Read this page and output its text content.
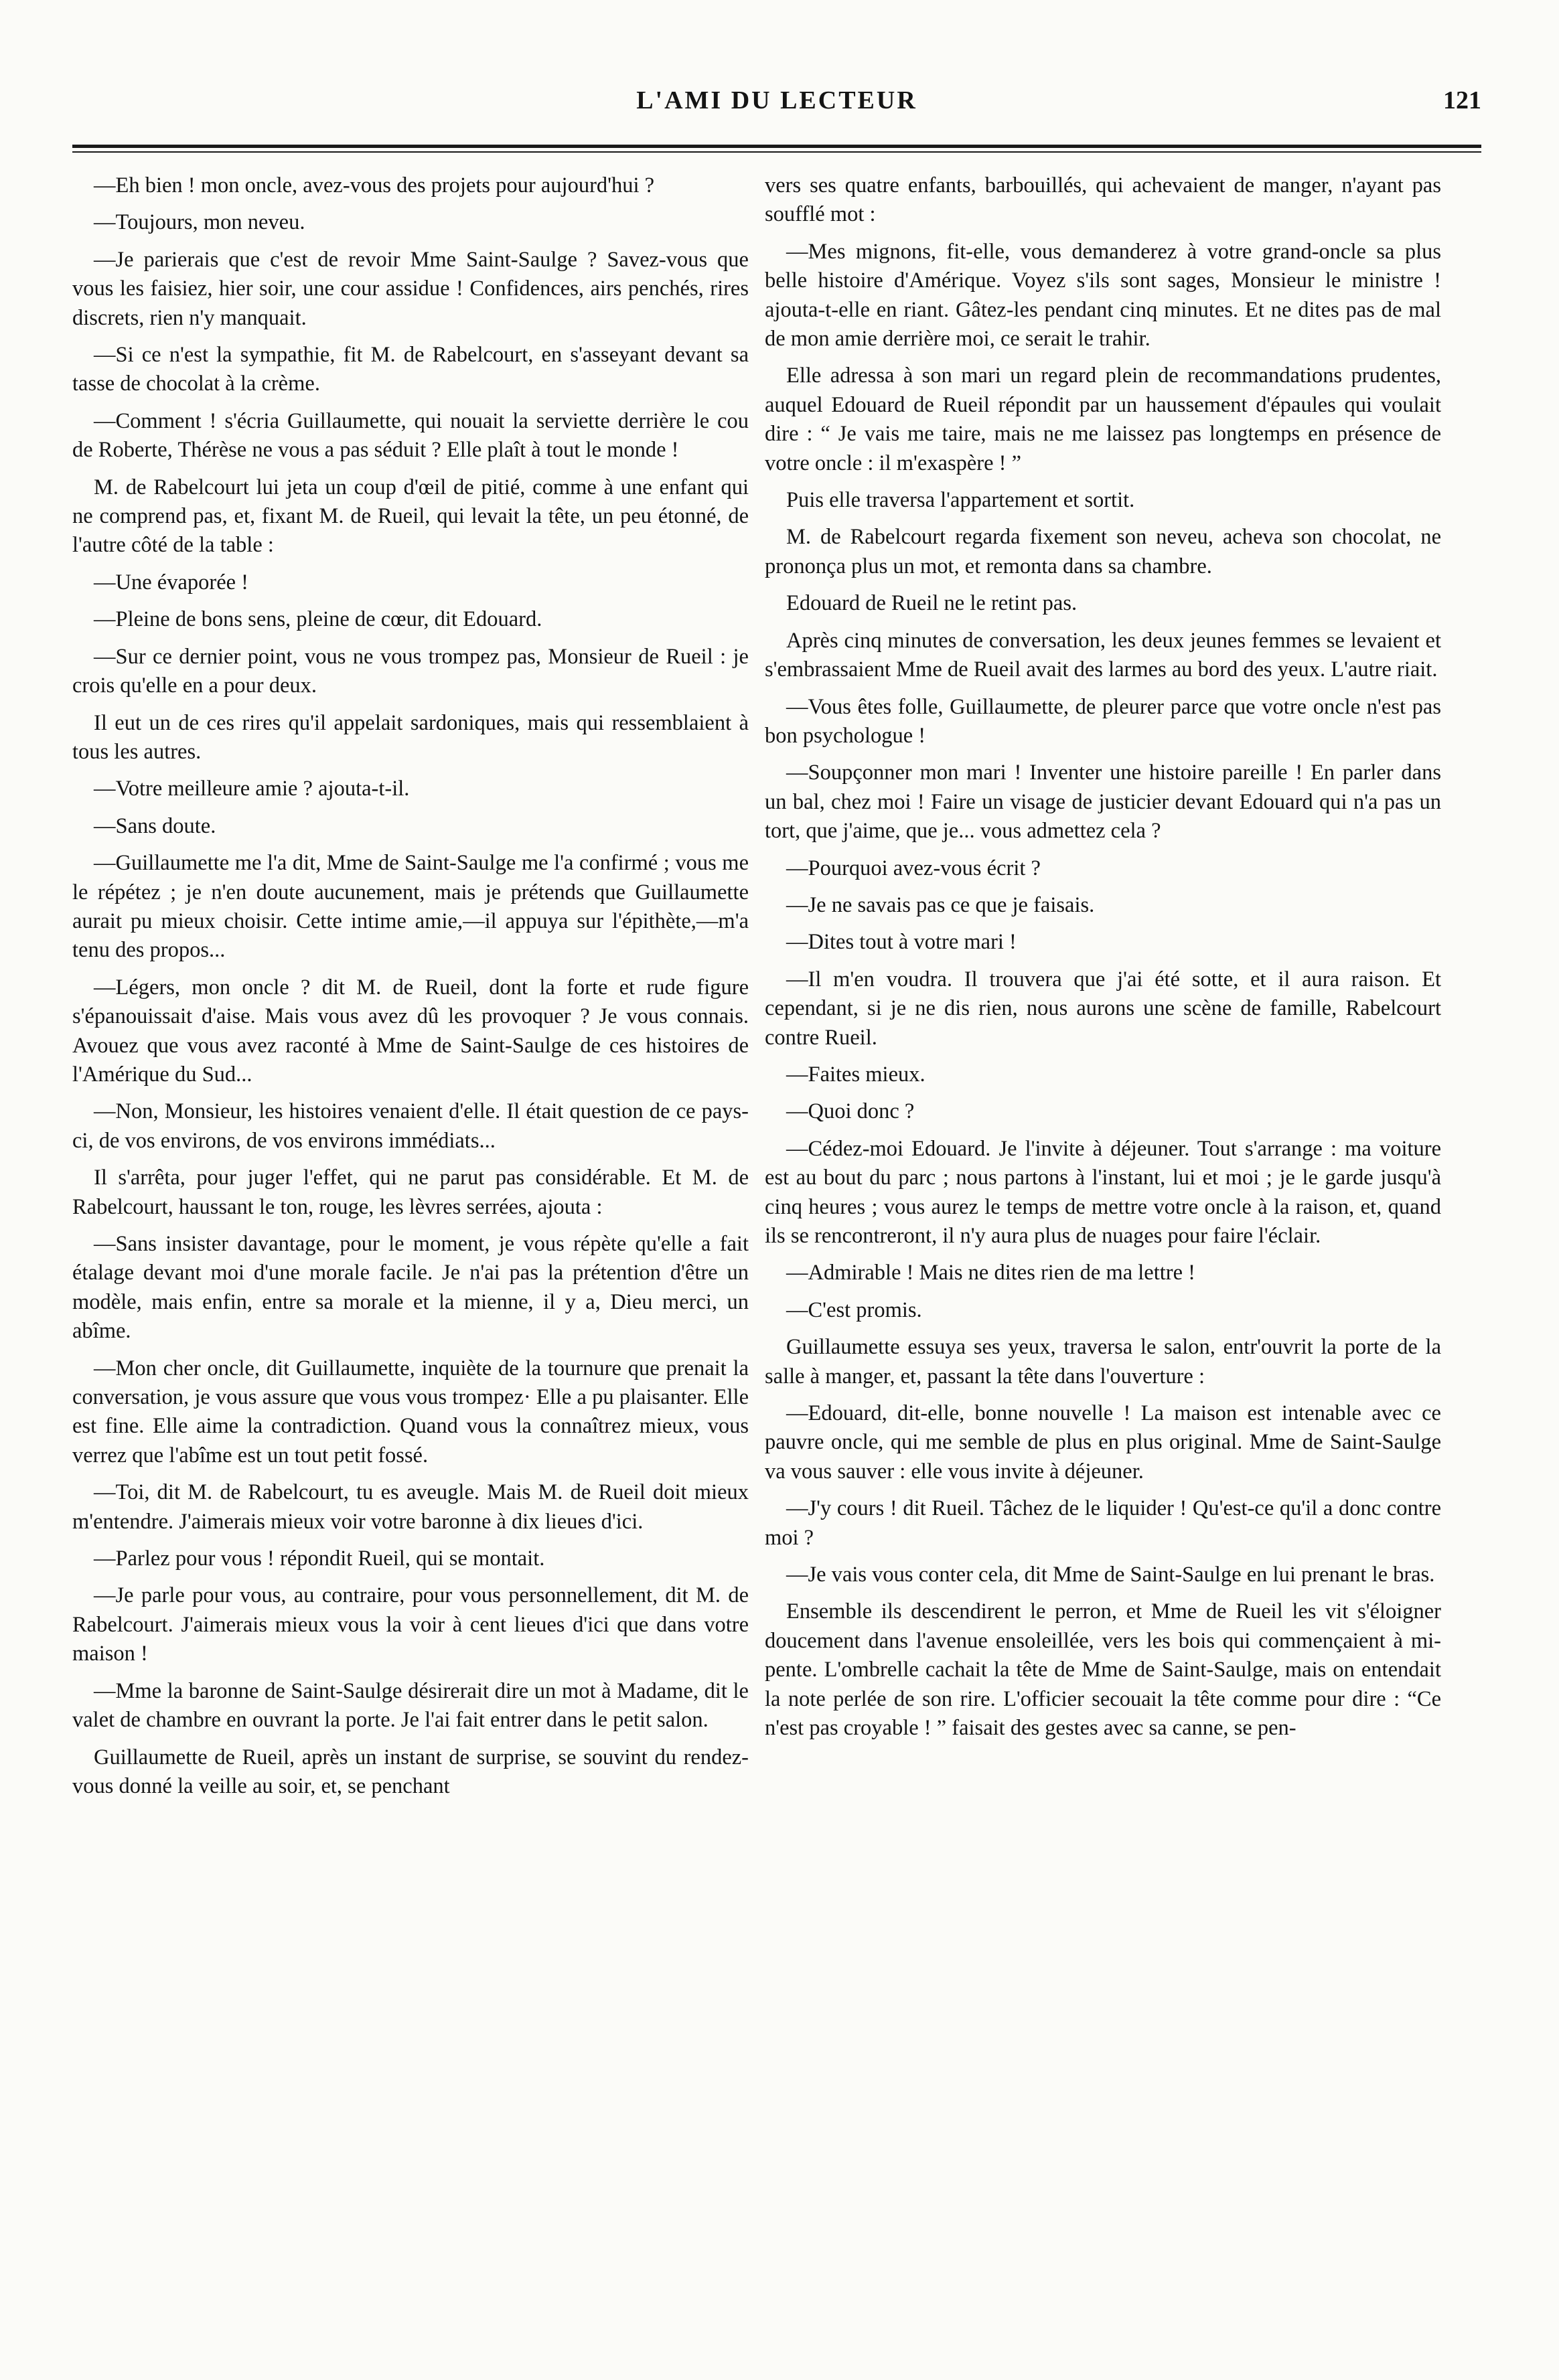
L'AMI DU LECTEUR	121

—Eh bien ! mon oncle, avez-vous des projets pour aujourd'hui ?

—Toujours, mon neveu.

—Je parierais que c'est de revoir Mme Saint-Saulge ? Savez-vous que vous les faisiez, hier soir, une cour assidue ! Confidences, airs penchés, rires discrets, rien n'y manquait.

—Si ce n'est la sympathie, fit M. de Rabelcourt, en s'asseyant devant sa tasse de chocolat à la crème.

—Comment ! s'écria Guillaumette, qui nouait la serviette derrière le cou de Roberte, Thérèse ne vous a pas séduit ? Elle plaît à tout le monde !

M. de Rabelcourt lui jeta un coup d'œil de pitié, comme à une enfant qui ne comprend pas, et, fixant M. de Rueil, qui levait la tête, un peu étonné, de l'autre côté de la table :

—Une évaporée !

—Pleine de bons sens, pleine de cœur, dit Edouard.

—Sur ce dernier point, vous ne vous trompez pas, Monsieur de Rueil : je crois qu'elle en a pour deux.

Il eut un de ces rires qu'il appelait sardoniques, mais qui ressemblaient à tous les autres.

—Votre meilleure amie ? ajouta-t-il.

—Sans doute.

—Guillaumette me l'a dit, Mme de Saint-Saulge me l'a confirmé ; vous me le répétez ; je n'en doute aucunement, mais je prétends que Guillaumette aurait pu mieux choisir. Cette intime amie,—il appuya sur l'épithète,—m'a tenu des propos...

—Légers, mon oncle ? dit M. de Rueil, dont la forte et rude figure s'épanouissait d'aise. Mais vous avez dû les provoquer ? Je vous connais. Avouez que vous avez raconté à Mme de Saint-Saulge de ces histoires de l'Amérique du Sud...

—Non, Monsieur, les histoires venaient d'elle. Il était question de ce pays-ci, de vos environs, de vos environs immédiats...

Il s'arrêta, pour juger l'effet, qui ne parut pas considérable. Et M. de Rabelcourt, haussant le ton, rouge, les lèvres serrées, ajouta :

—Sans insister davantage, pour le moment, je vous répète qu'elle a fait étalage devant moi d'une morale facile. Je n'ai pas la prétention d'être un modèle, mais enfin, entre sa morale et la mienne, il y a, Dieu merci, un abîme.

—Mon cher oncle, dit Guillaumette, inquiète de la tournure que prenait la conversation, je vous assure que vous vous trompez· Elle a pu plaisanter. Elle est fine. Elle aime la contradiction. Quand vous la connaîtrez mieux, vous verrez que l'abîme est un tout petit fossé.

—Toi, dit M. de Rabelcourt, tu es aveugle. Mais M. de Rueil doit mieux m'entendre. J'aimerais mieux voir votre baronne à dix lieues d'ici.

—Parlez pour vous ! répondit Rueil, qui se montait.

—Je parle pour vous, au contraire, pour vous personnellement, dit M. de Rabelcourt. J'aimerais mieux vous la voir à cent lieues d'ici que dans votre maison !

—Mme la baronne de Saint-Saulge désirerait dire un mot à Madame, dit le valet de chambre en ouvrant la porte. Je l'ai fait entrer dans le petit salon.

Guillaumette de Rueil, après un instant de surprise, se souvint du rendez-vous donné la veille au soir, et, se penchant

vers ses quatre enfants, barbouillés, qui achevaient de manger, n'ayant pas soufflé mot :

—Mes mignons, fit-elle, vous demanderez à votre grand-oncle sa plus belle histoire d'Amérique. Voyez s'ils sont sages, Monsieur le ministre ! ajouta-t-elle en riant. Gâtez-les pendant cinq minutes. Et ne dites pas de mal de mon amie derrière moi, ce serait le trahir.

Elle adressa à son mari un regard plein de recommandations prudentes, auquel Edouard de Rueil répondit par un haussement d'épaules qui voulait dire : “ Je vais me taire, mais ne me laissez pas longtemps en présence de votre oncle : il m'exaspère ! ”

Puis elle traversa l'appartement et sortit.

M. de Rabelcourt regarda fixement son neveu, acheva son chocolat, ne prononça plus un mot, et remonta dans sa chambre.

Edouard de Rueil ne le retint pas.

Après cinq minutes de conversation, les deux jeunes femmes se levaient et s'embrassaient Mme de Rueil avait des larmes au bord des yeux. L'autre riait.

—Vous êtes folle, Guillaumette, de pleurer parce que votre oncle n'est pas bon psychologue !

—Soupçonner mon mari ! Inventer une histoire pareille ! En parler dans un bal, chez moi ! Faire un visage de justicier devant Edouard qui n'a pas un tort, que j'aime, que je... vous admettez cela ?

—Pourquoi avez-vous écrit ?

—Je ne savais pas ce que je faisais.

—Dites tout à votre mari !

—Il m'en voudra. Il trouvera que j'ai été sotte, et il aura raison. Et cependant, si je ne dis rien, nous aurons une scène de famille, Rabelcourt contre Rueil.

—Faites mieux.

—Quoi donc ?

—Cédez-moi Edouard. Je l'invite à déjeuner. Tout s'arrange : ma voiture est au bout du parc ; nous partons à l'instant, lui et moi ; je le garde jusqu'à cinq heures ; vous aurez le temps de mettre votre oncle à la raison, et, quand ils se rencontreront, il n'y aura plus de nuages pour faire l'éclair.

—Admirable ! Mais ne dites rien de ma lettre !

—C'est promis.

Guillaumette essuya ses yeux, traversa le salon, entr'ouvrit la porte de la salle à manger, et, passant la tête dans l'ouverture :

—Edouard, dit-elle, bonne nouvelle ! La maison est intenable avec ce pauvre oncle, qui me semble de plus en plus original. Mme de Saint-Saulge va vous sauver : elle vous invite à déjeuner.

—J'y cours ! dit Rueil. Tâchez de le liquider ! Qu'est-ce qu'il a donc contre moi ?

—Je vais vous conter cela, dit Mme de Saint-Saulge en lui prenant le bras.

Ensemble ils descendirent le perron, et Mme de Rueil les vit s'éloigner doucement dans l'avenue ensoleillée, vers les bois qui commençaient à mi-pente. L'ombrelle cachait la tête de Mme de Saint-Saulge, mais on entendait la note perlée de son rire. L'officier secouait la tête comme pour dire : “Ce n'est pas croyable ! ” faisait des gestes avec sa canne, se pen-
